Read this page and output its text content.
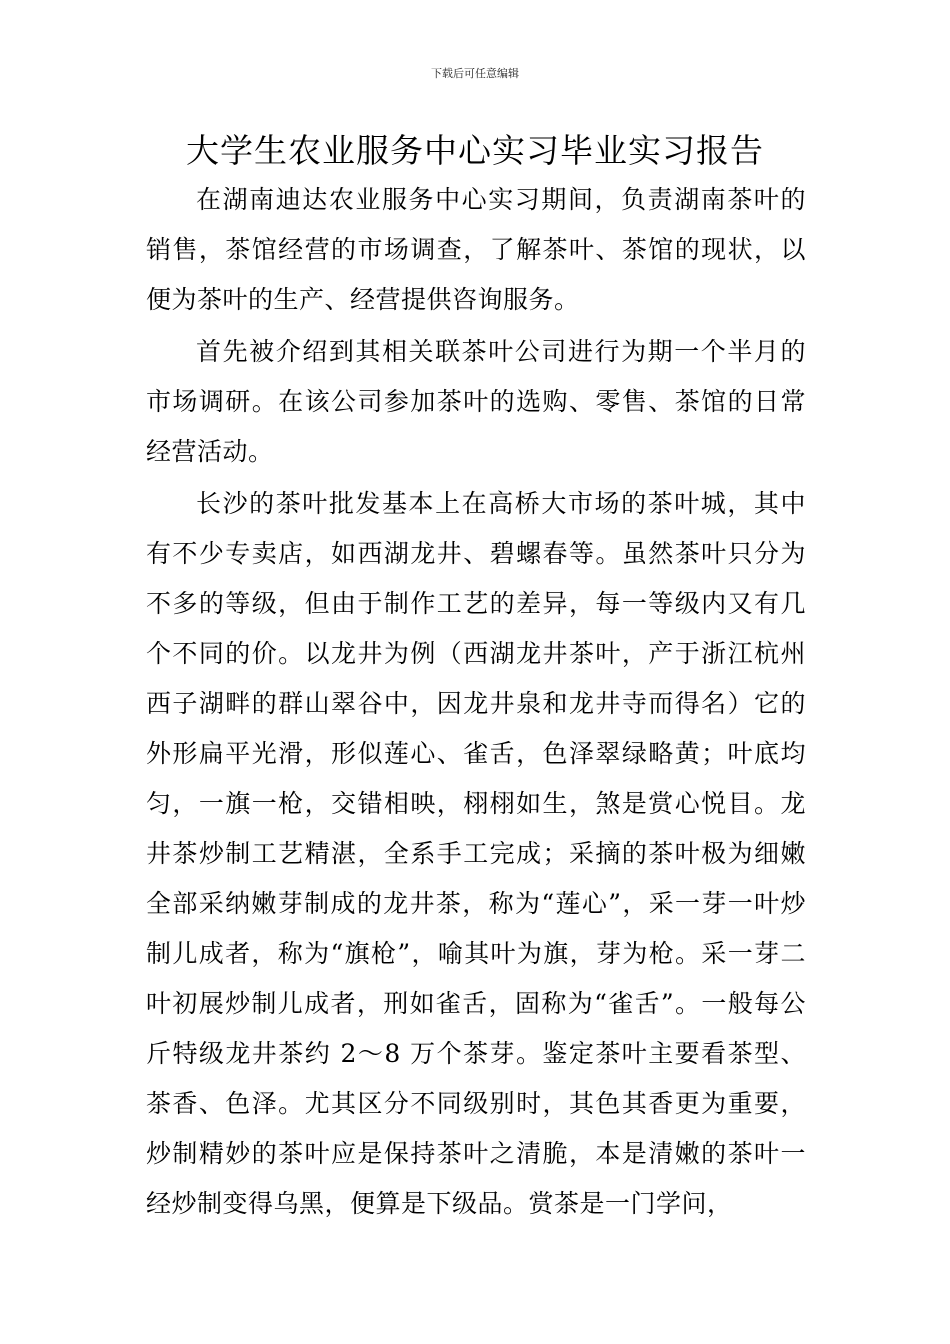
下载后可任意编辑
大学生农业服务中心实习毕业实习报告

在湖南迪达农业服务中心实习期间，负责湖南茶叶的销售，茶馆经营的市场调查，了解茶叶、茶馆的现状，以便为茶叶的生产、经营提供咨询服务。

首先被介绍到其相关联茶叶公司进行为期一个半月的市场调研。在该公司参加茶叶的选购、零售、茶馆的日常经营活动。

长沙的茶叶批发基本上在高桥大市场的茶叶城，其中有不少专卖店，如西湖龙井、碧螺春等。虽然茶叶只分为不多的等级，但由于制作工艺的差异，每一等级内又有几个不同的价。以龙井为例（西湖龙井茶叶，产于浙江杭州西子湖畔的群山翠谷中，因龙井泉和龙井寺而得名）它的外形扁平光滑，形似莲心、雀舌，色泽翠绿略黄；叶底均匀，一旗一枪，交错相映，栩栩如生，煞是赏心悦目。龙井茶炒制工艺精湛，全系手工完成；采摘的茶叶极为细嫩全部采纳嫩芽制成的龙井茶，称为“莲心”，采一芽一叶炒制儿成者，称为“旗枪”，喻其叶为旗，芽为枪。采一芽二叶初展炒制儿成者，刑如雀舌，固称为“雀舌”。一般每公斤特级龙井茶约 2～8 万个茶芽。鉴定茶叶主要看茶型、茶香、色泽。尤其区分不同级别时，其色其香更为重要，炒制精妙的茶叶应是保持茶叶之清脆，本是清嫩的茶叶一经炒制变得乌黑，便算是下级品。赏茶是一门学问，
